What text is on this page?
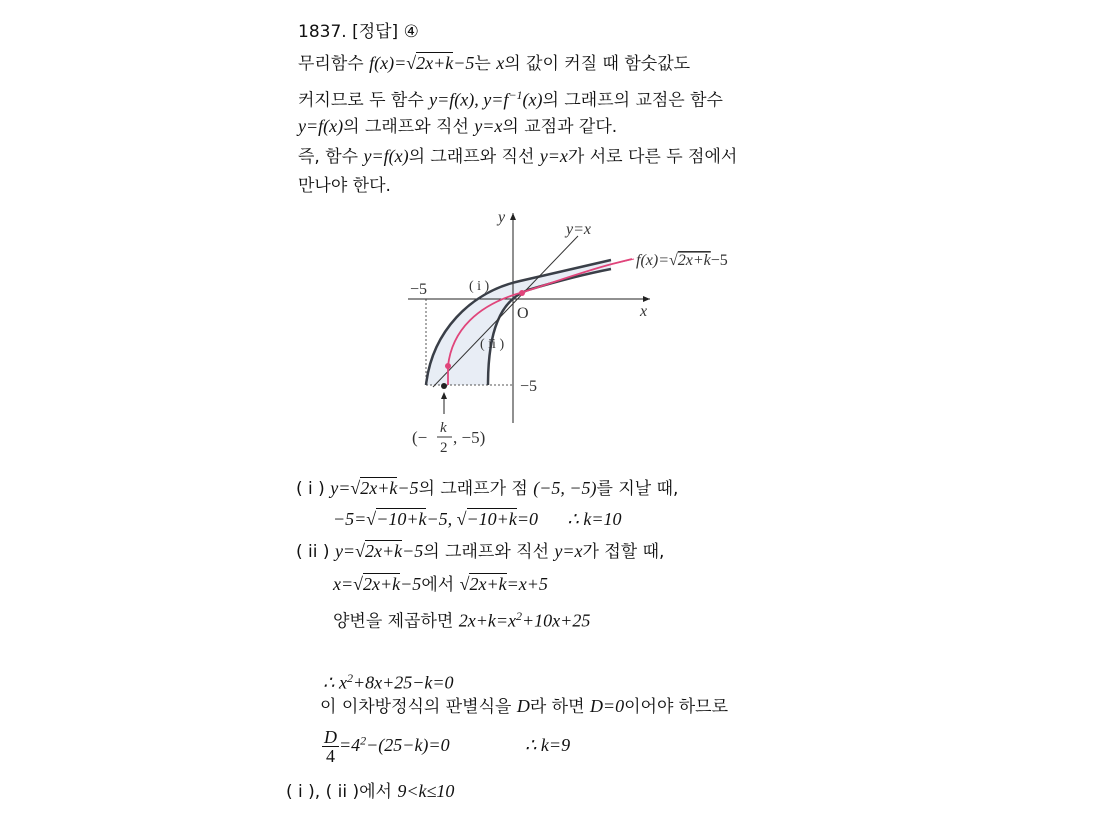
1837. [정답] ④
무리함수 f(x)=√2x+k−5는 x의 값이 커질 때 함숫값도
커지므로 두 함수 y=f(x), $y=f^{-1}(x)$의 그래프의 교점은 함수
y=f(x)의 그래프와 직선 y=x의 교점과 같다.
즉, 함수 y=f(x)의 그래프와 직선 y=x가 서로 다른 두 점에서
만나야 한다.
y
x
O
−5
−5
y=x
( i )
( ii )
f(x)=√2x+k−5
(− k
2
, −5)
( i ) y=√2x+k−5의 그래프가 점 (−5, −5)를 지날 때,
−5=√−10+k−5, √−10+k=0 ∴ k=10
( ii ) y=√2x+k−5의 그래프와 직선 y=x가 접할 때,
x=√2x+k−5에서 √2x+k=x+5
양변을 제곱하면 $2x+k=x^2+10x+25$
∴ $x^2+8x+25-k=0$
이 이차방정식의 판별식을 D라 하면 D=0이어야 하므로
$\frac{D}{4} =4^2-(25-k)=0$	∴ k=9
( i ), ( ii )에서 9<k≤10
